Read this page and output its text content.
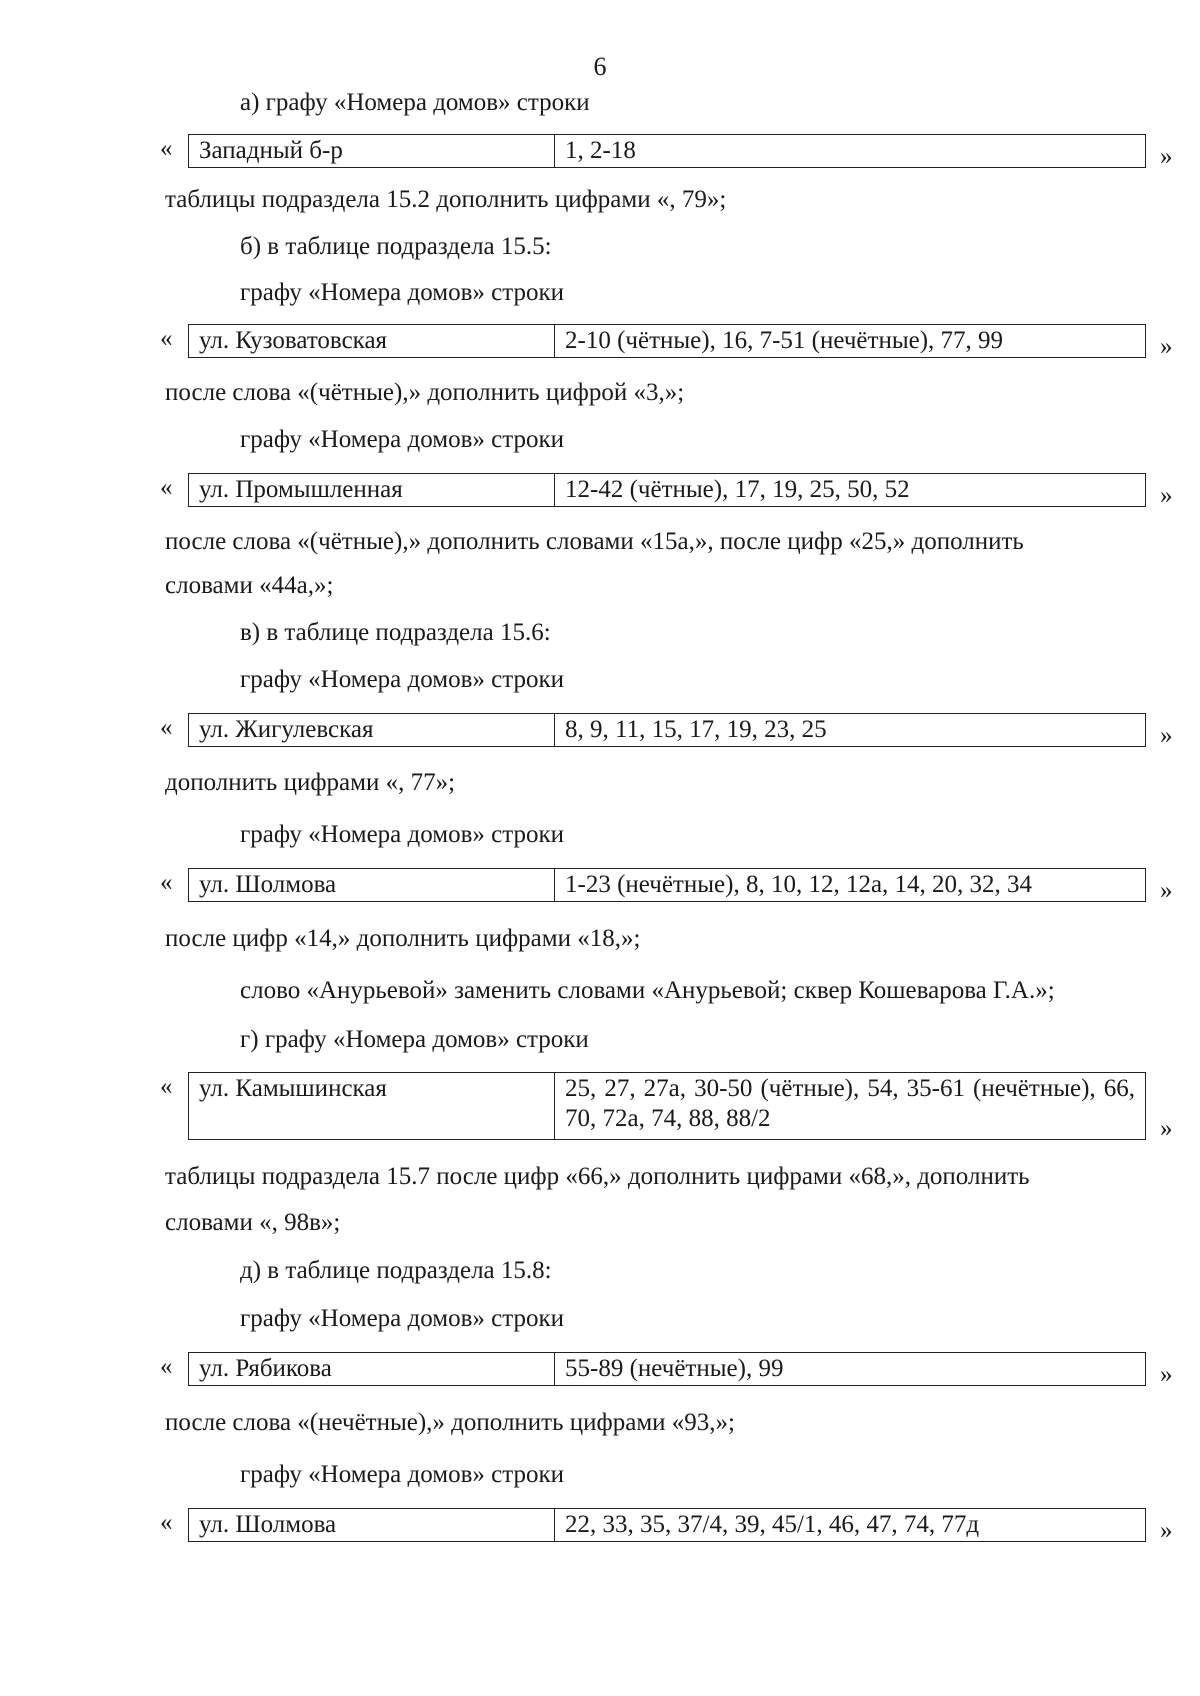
6
а) графу «Номера домов» строки
«	Западный б-р	1, 2-18	»
таблицы подраздела 15.2 дополнить цифрами «, 79»;
б) в таблице подраздела 15.5:
графу «Номера домов» строки
«	ул. Кузоватовская	2-10 (чётные), 16, 7-51 (нечётные), 77, 99	»
после слова «(чётные),» дополнить цифрой «3,»;
графу «Номера домов» строки
«	ул. Промышленная	12-42 (чётные), 17, 19, 25, 50, 52	»
после слова «(чётные),» дополнить словами «15а,», после цифр «25,» дополнить
словами «44а,»;
в) в таблице подраздела 15.6:
графу «Номера домов» строки
«	ул. Жигулевская	8, 9, 11, 15, 17, 19, 23, 25	»
дополнить цифрами «, 77»;
графу «Номера домов» строки
«	ул. Шолмова	1-23 (нечётные), 8, 10, 12, 12а, 14, 20, 32, 34	»
после цифр «14,» дополнить цифрами «18,»;
слово «Анурьевой» заменить словами «Анурьевой; сквер Кошеварова Г.А.»;
г) графу «Номера домов» строки
«	ул. Камышинская	25, 27, 27а, 30-50 (чётные), 54, 35-61 (нечётные), 66, 70, 72а, 74, 88, 88/2	»
таблицы подраздела 15.7 после цифр «66,» дополнить цифрами «68,», дополнить
словами «, 98в»;
д) в таблице подраздела 15.8:
графу «Номера домов» строки
«	ул. Рябикова	55-89 (нечётные), 99	»
после слова «(нечётные),» дополнить цифрами «93,»;
графу «Номера домов» строки
«	ул. Шолмова	22, 33, 35, 37/4, 39, 45/1, 46, 47, 74, 77д	»
